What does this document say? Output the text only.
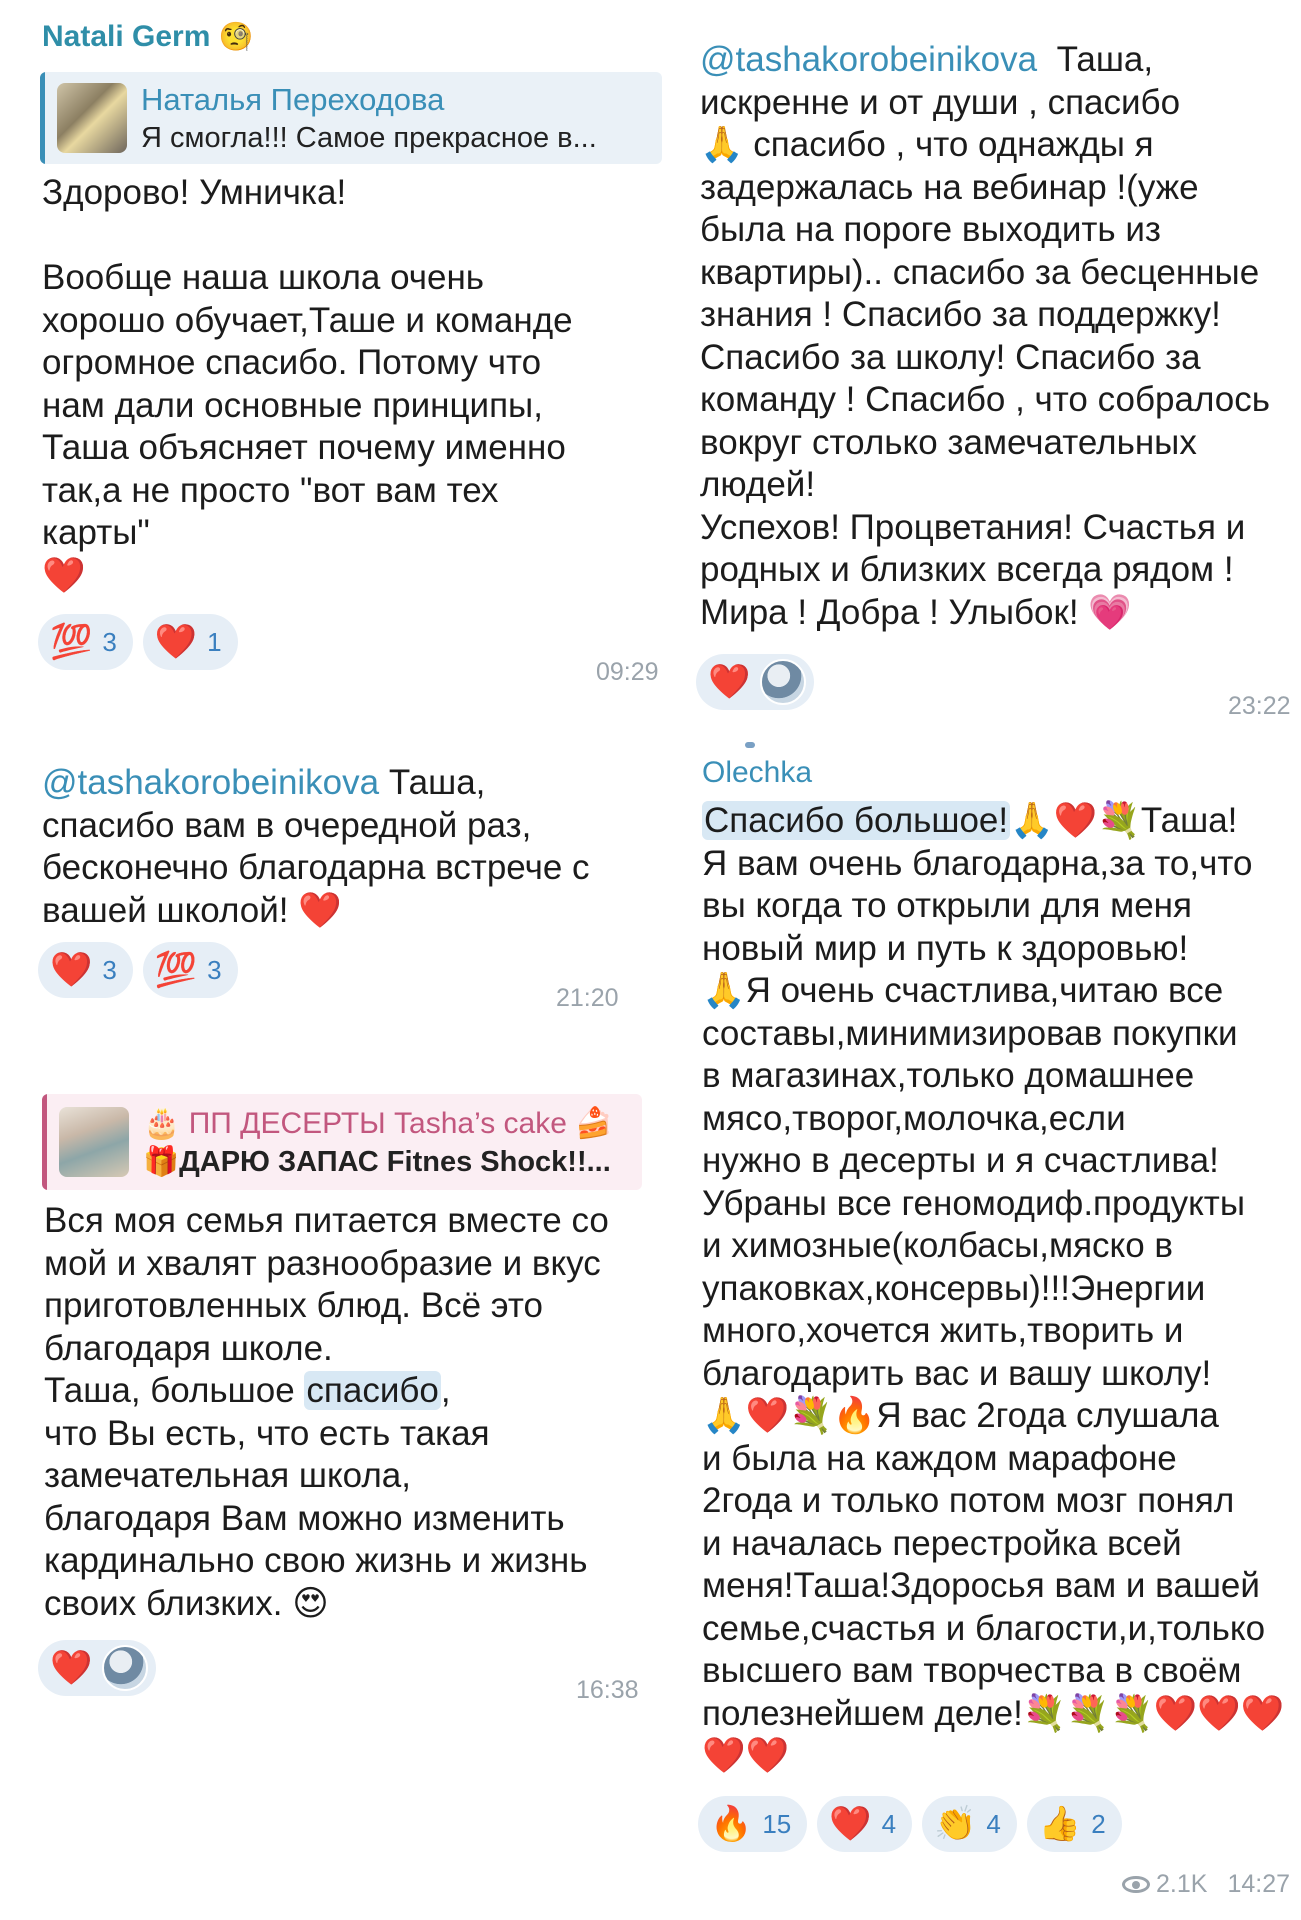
Natali Germ 🧐
Наталья Переходова
Я смогла!!! Самое прекрасное в...
Здорово! Умничка!

Вообще наша школа очень
хорошо обучает,Таше и команде
огромное спасибо. Потому что
нам дали основные принципы,
Таша объясняет почему именно
так,а не просто "вот вам тех
карты"
❤️
💯 3 ❤️ 1
09:29
@tashakorobeinikova Таша,
спасибо вам в очередной раз,
бесконечно благодарна встрече с
вашей школой! ❤️
❤️ 3 💯 3
21:20
🎂 ПП ДЕСЕРТЫ Tasha’s cake 🍰
🎁ДАРЮ ЗАПАС Fitnes Shock!!...
Вся моя семья питается вместе со
мой и хвалят разнообразие и вкус
приготовленных блюд. Всё это
благодаря школе.
Таша, большое спасибо,
что Вы есть, что есть такая
замечательная школа,
благодаря Вам можно изменить
кардинально свою жизнь и жизнь
своих близких. 😍
❤️
16:38
@tashakorobeinikova  Таша,
искренне и от души , спасибо
🙏 спасибо , что однажды я
задержалась на вебинар !(уже
была на пороге выходить из
квартиры).. спасибо за бесценные
знания ! Спасибо за поддержку!
Спасибо за школу! Спасибо за
команду ! Спасибо , что собралось
вокруг столько замечательных
людей!
Успехов! Процветания! Счастья и
родных и близких всегда рядом !
Мира ! Добра ! Улыбок! 💗
❤️
23:22
Olechka
Спасибо большое!🙏❤️💐Таша!
Я вам очень благодарна,за то,что
вы когда то открыли для меня
новый мир и путь к здоровью!
🙏Я очень счастлива,читаю все
составы,минимизировав покупки
в магазинах,только домашнее
мясо,творог,молочка,если
нужно в десерты и я счастлива!
Убраны все геномодиф.продукты
и химозные(колбасы,мяско в
упаковках,консервы)!!!Энергии
много,хочется жить,творить и
благодарить вас и вашу школу!
🙏❤️💐🔥Я вас 2года слушала
и была на каждом марафоне
2года и только потом мозг понял
и началась перестройка всей
меня!Таша!Здоросья вам и вашей
семье,счастья и благости,и,только
высшего вам творчества в своём
полезнейшем деле!💐💐💐❤️❤️❤️
❤️❤️
🔥 15 ❤️ 4 👏 4 👍 2
2.1K 14:27
